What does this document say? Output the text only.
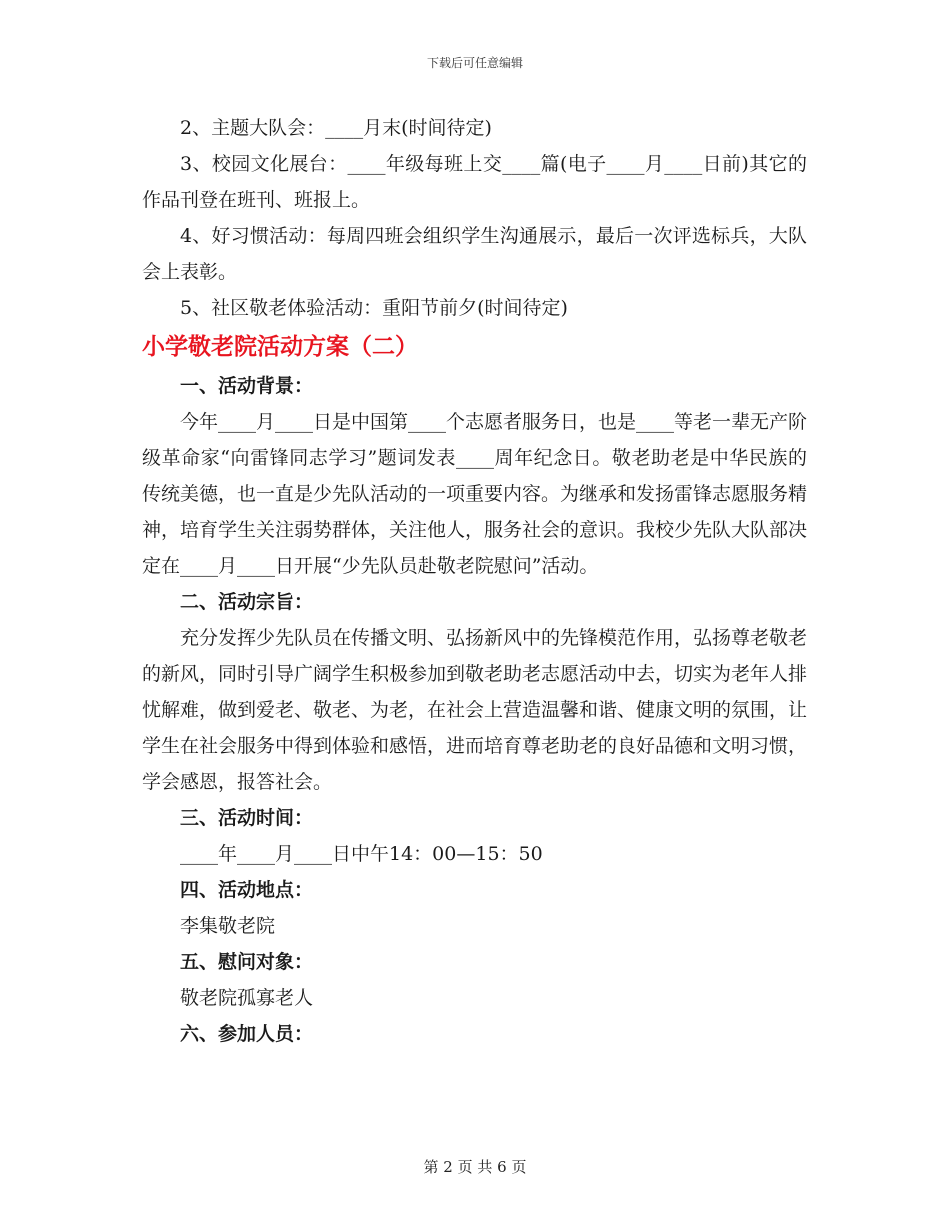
下载后可任意编辑

2、主题大队会：____月末(时间待定)

3、校园文化展台：____年级每班上交____篇(电子____月____日前)其它的作品刊登在班刊、班报上。

4、好习惯活动：每周四班会组织学生沟通展示，最后一次评选标兵，大队会上表彰。

5、社区敬老体验活动：重阳节前夕(时间待定)

小学敬老院活动方案（二）

一、活动背景：

今年____月____日是中国第____个志愿者服务日，也是____等老一辈无产阶级革命家“向雷锋同志学习”题词发表____周年纪念日。敬老助老是中华民族的传统美德，也一直是少先队活动的一项重要内容。为继承和发扬雷锋志愿服务精神，培育学生关注弱势群体，关注他人，服务社会的意识。我校少先队大队部决定在____月____日开展“少先队员赴敬老院慰问”活动。

二、活动宗旨：

充分发挥少先队员在传播文明、弘扬新风中的先锋模范作用，弘扬尊老敬老的新风，同时引导广阔学生积极参加到敬老助老志愿活动中去，切实为老年人排忧解难，做到爱老、敬老、为老，在社会上营造温馨和谐、健康文明的氛围，让学生在社会服务中得到体验和感悟，进而培育尊老助老的良好品德和文明习惯，学会感恩，报答社会。

三、活动时间：

____年____月____日中午14：00—15：50

四、活动地点：

李集敬老院

五、慰问对象：

敬老院孤寡老人

六、参加人员：

第 2 页 共 6 页
